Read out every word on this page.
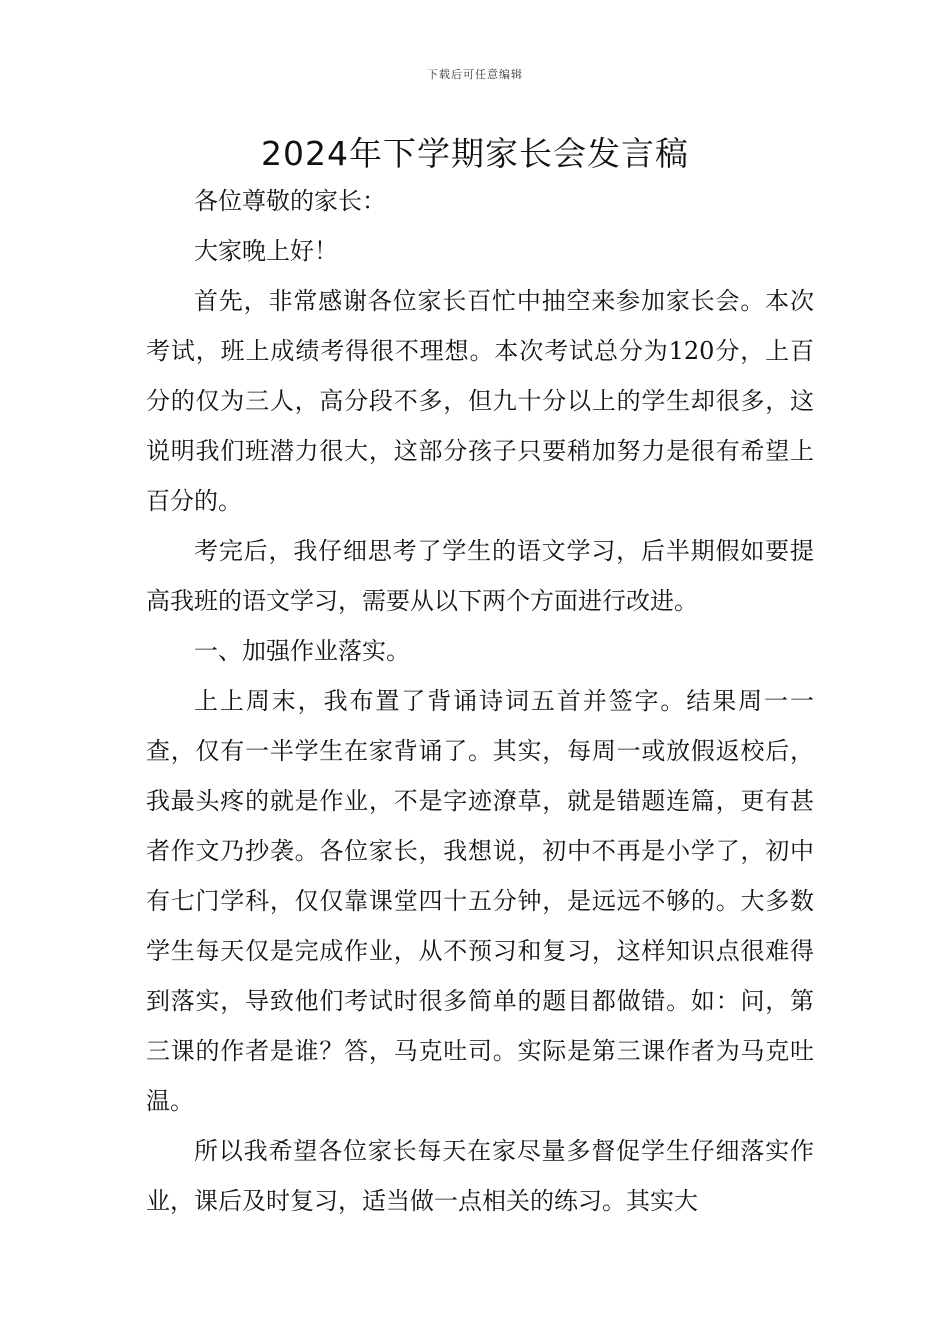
下载后可任意编辑
2024年下学期家长会发言稿

各位尊敬的家长：

大家晚上好！

首先，非常感谢各位家长百忙中抽空来参加家长会。本次考试，班上成绩考得很不理想。本次考试总分为120分，上百分的仅为三人，高分段不多，但九十分以上的学生却很多，这说明我们班潜力很大，这部分孩子只要稍加努力是很有希望上百分的。

考完后，我仔细思考了学生的语文学习，后半期假如要提高我班的语文学习，需要从以下两个方面进行改进。

一、加强作业落实。

上上周末，我布置了背诵诗词五首并签字。结果周一一查，仅有一半学生在家背诵了。其实，每周一或放假返校后，我最头疼的就是作业，不是字迹潦草，就是错题连篇，更有甚者作文乃抄袭。各位家长，我想说，初中不再是小学了，初中有七门学科，仅仅靠课堂四十五分钟，是远远不够的。大多数学生每天仅是完成作业，从不预习和复习，这样知识点很难得到落实，导致他们考试时很多简单的题目都做错。如：问，第三课的作者是谁？答，马克吐司。实际是第三课作者为马克吐温。

所以我希望各位家长每天在家尽量多督促学生仔细落实作业，课后及时复习，适当做一点相关的练习。其实大
